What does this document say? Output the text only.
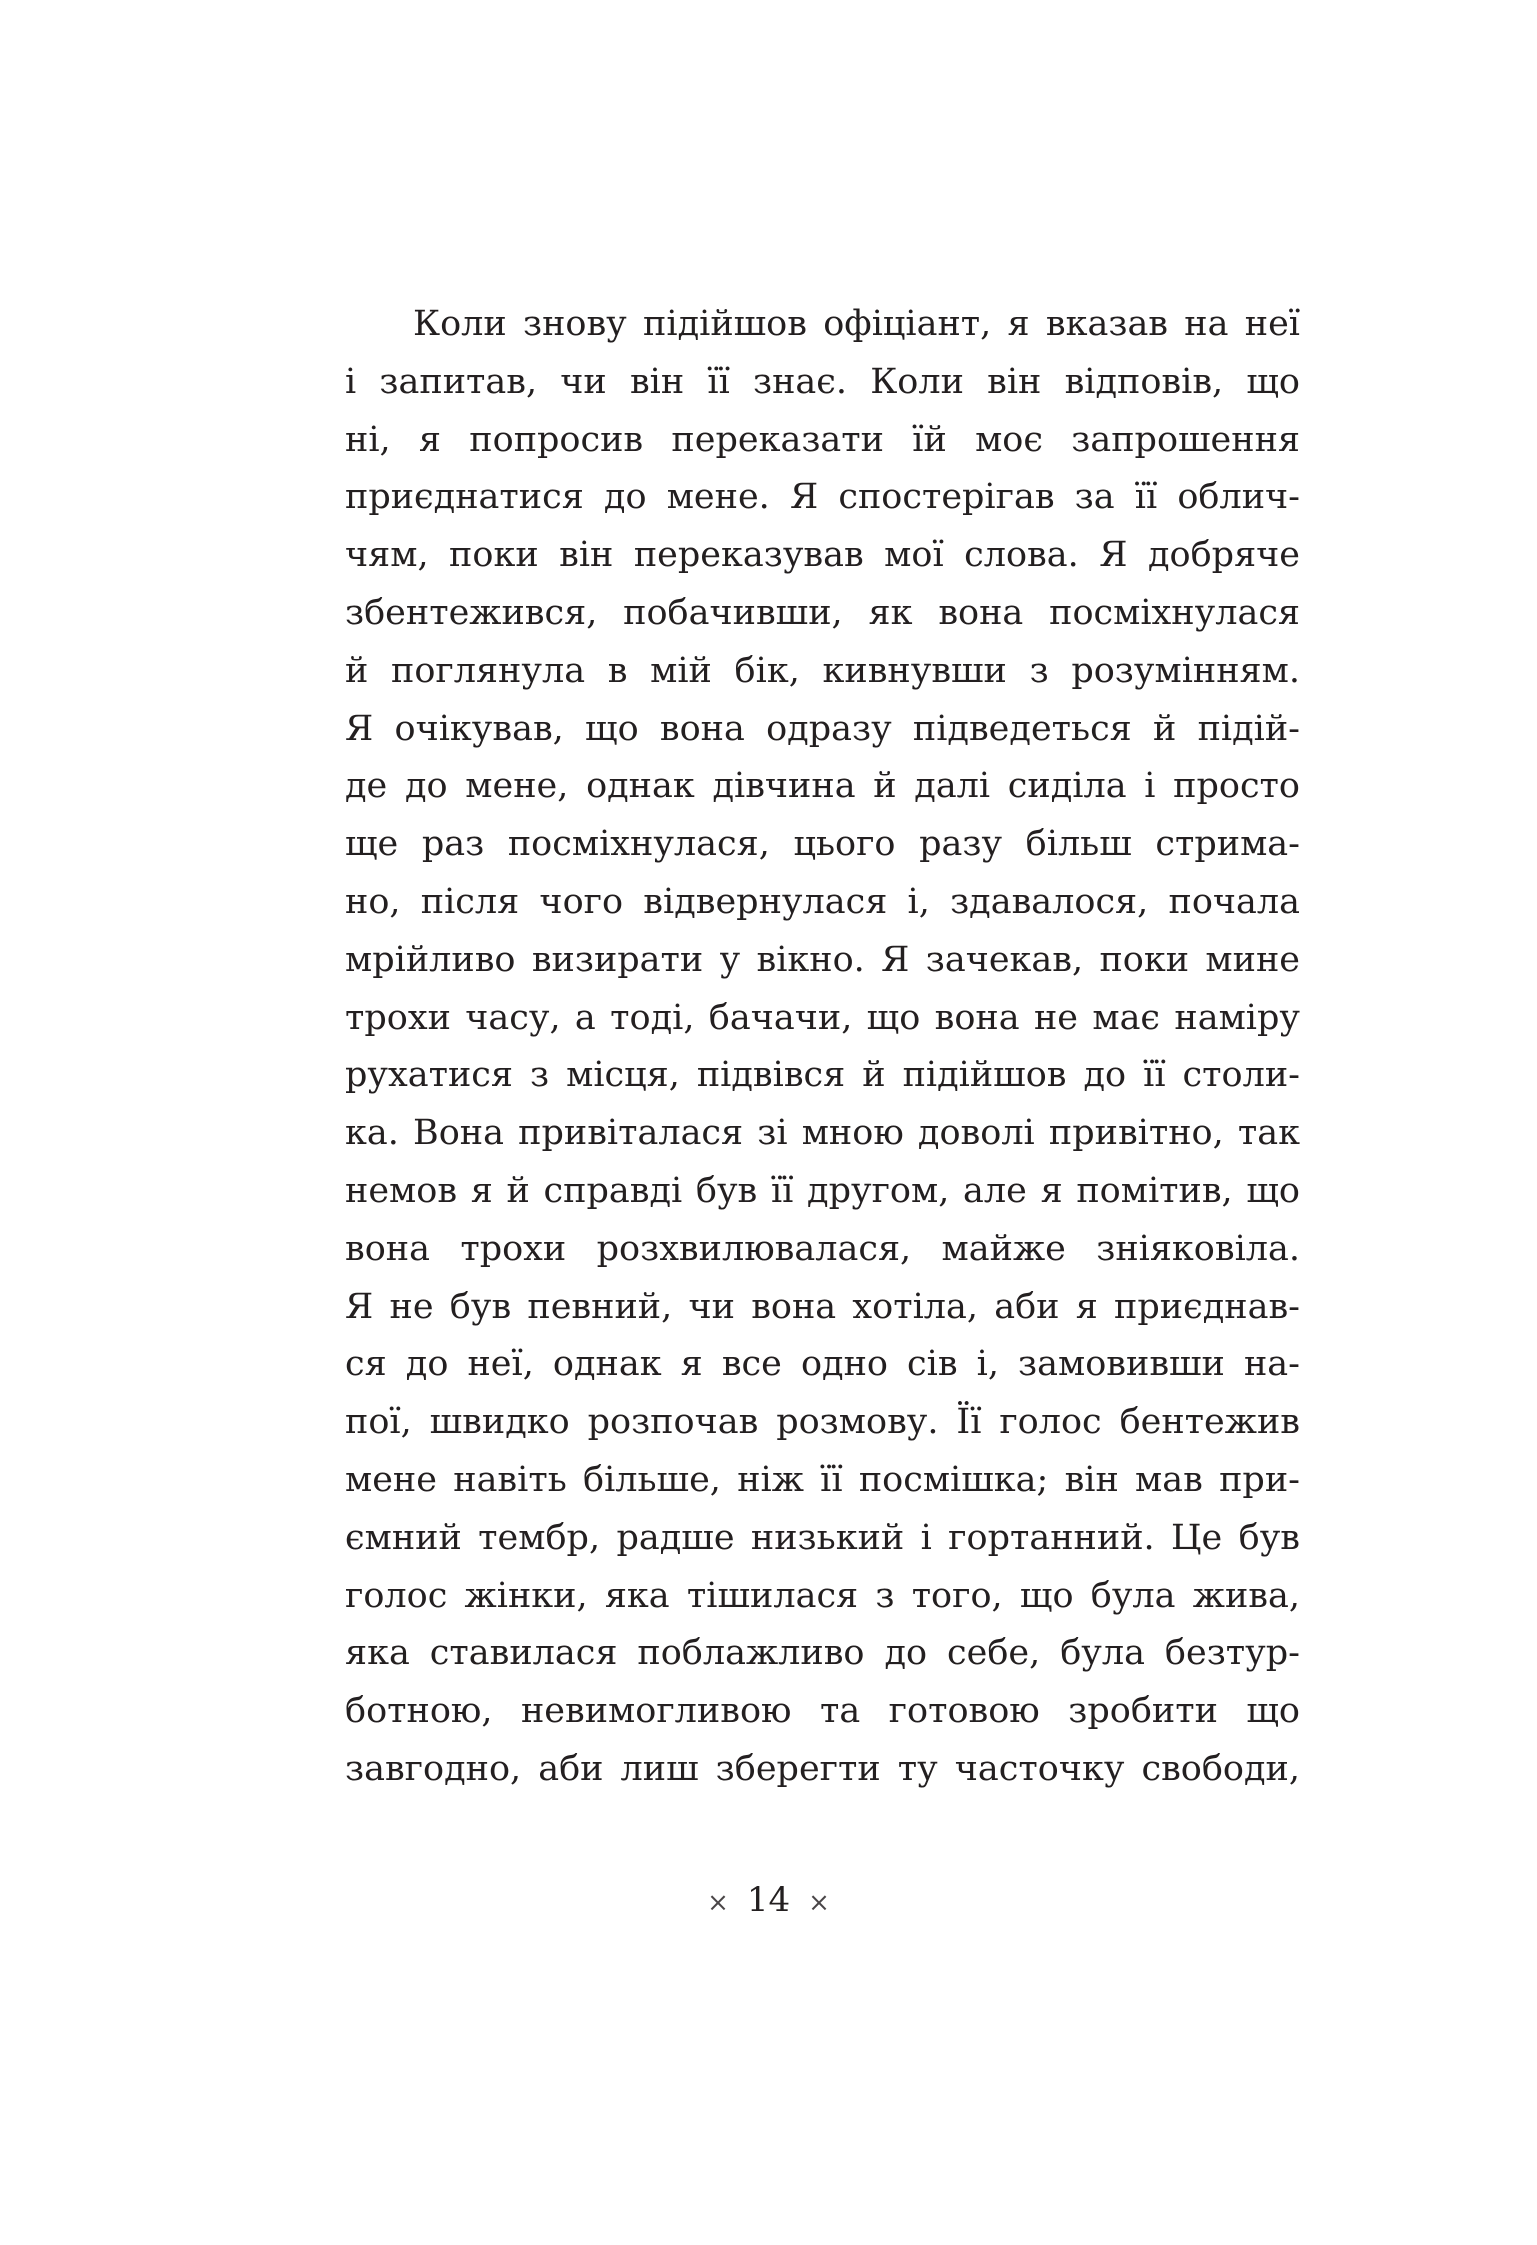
Коли знову підійшов офіціант, я вказав на неї
і запитав, чи він її знає. Коли він відповів, що
ні, я попросив переказати їй моє запрошення
приєднатися до мене. Я спостерігав за її облич-
чям, поки він переказував мої слова. Я добряче
збентежився, побачивши, як вона посміхнулася
й поглянула в мій бік, кивнувши з розумінням.
Я очікував, що вона одразу підведеться й підій-
де до мене, однак дівчина й далі сиділа і просто
ще раз посміхнулася, цього разу більш стрима-
но, після чого відвернулася і, здавалося, почала
мрійливо визирати у вікно. Я зачекав, поки мине
трохи часу, а тоді, бачачи, що вона не має наміру
рухатися з місця, підвівся й підійшов до її столи-
ка. Вона привіталася зі мною доволі привітно, так
немов я й справді був її другом, але я помітив, що
вона трохи розхвилювалася, майже зніяковіла.
Я не був певний, чи вона хотіла, аби я приєднав-
ся до неї, однак я все одно сів і, замовивши на-
пої, швидко розпочав розмову. Її голос бентежив
мене навіть більше, ніж її посмішка; він мав при-
ємний тембр, радше низький і гортанний. Це був
голос жінки, яка тішилася з того, що була жива,
яка ставилася поблажливо до себе, була безтур-
ботною, невимогливою та готовою зробити що
завгодно, аби лиш зберегти ту часточку свободи,
× 14 ×
